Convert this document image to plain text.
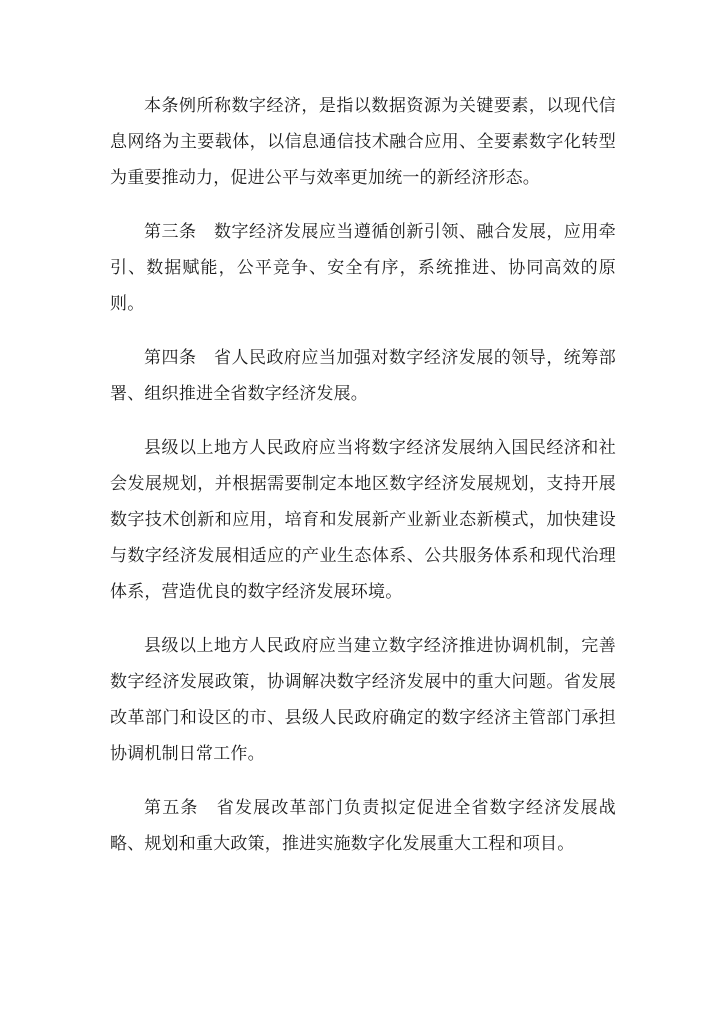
本条例所称数字经济，是指以数据资源为关键要素，以现代信息网络为主要载体，以信息通信技术融合应用、全要素数字化转型为重要推动力，促进公平与效率更加统一的新经济形态。

第三条　数字经济发展应当遵循创新引领、融合发展，应用牵引、数据赋能，公平竞争、安全有序，系统推进、协同高效的原则。

第四条　省人民政府应当加强对数字经济发展的领导，统筹部署、组织推进全省数字经济发展。

县级以上地方人民政府应当将数字经济发展纳入国民经济和社会发展规划，并根据需要制定本地区数字经济发展规划，支持开展数字技术创新和应用，培育和发展新产业新业态新模式，加快建设与数字经济发展相适应的产业生态体系、公共服务体系和现代治理体系，营造优良的数字经济发展环境。

县级以上地方人民政府应当建立数字经济推进协调机制，完善数字经济发展政策，协调解决数字经济发展中的重大问题。省发展改革部门和设区的市、县级人民政府确定的数字经济主管部门承担协调机制日常工作。

第五条　省发展改革部门负责拟定促进全省数字经济发展战略、规划和重大政策，推进实施数字化发展重大工程和项目。
